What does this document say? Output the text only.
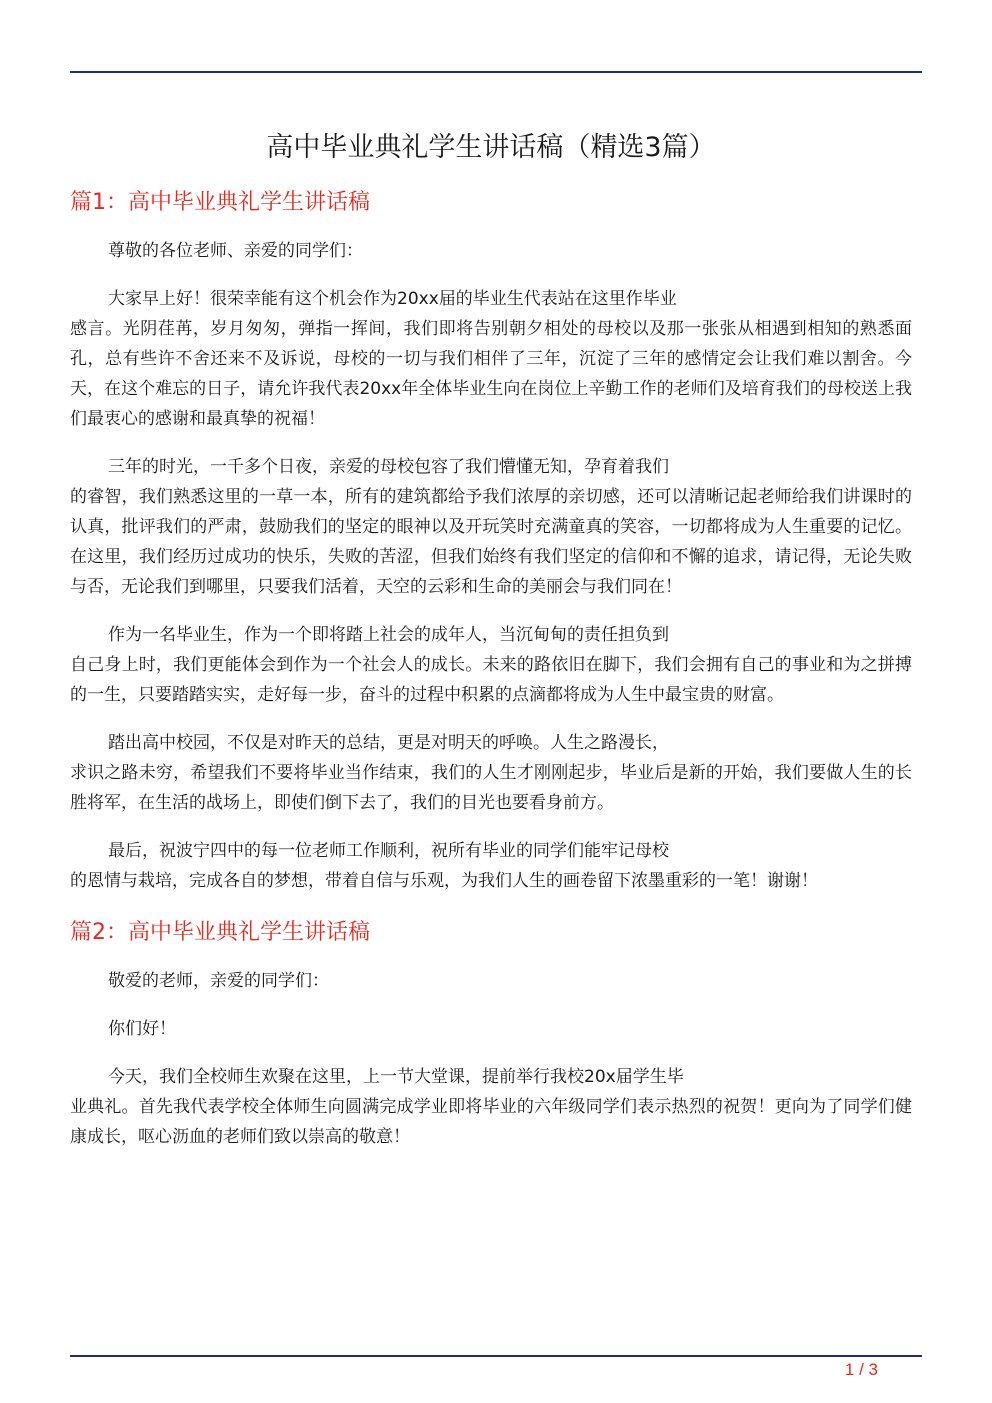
高中毕业典礼学生讲话稿（精选3篇）
篇1：高中毕业典礼学生讲话稿

尊敬的各位老师、亲爱的同学们：

大家早上好！很荣幸能有这个机会作为20xx届的毕业生代表站在这里作毕业
感言。光阴荏苒，岁月匆匆，弹指一挥间，我们即将告别朝夕相处的母校以及那一张张从相遇到相知的熟悉面孔，总有些许不舍还来不及诉说，母校的一切与我们相伴了三年，沉淀了三年的感情定会让我们难以割舍。今天，在这个难忘的日子，请允许我代表20xx年全体毕业生向在岗位上辛勤工作的老师们及培育我们的母校送上我们最衷心的感谢和最真挚的祝福！

三年的时光，一千多个日夜，亲爱的母校包容了我们懵懂无知，孕育着我们
的睿智，我们熟悉这里的一草一本，所有的建筑都给予我们浓厚的亲切感，还可以清晰记起老师给我们讲课时的认真，批评我们的严肃，鼓励我们的坚定的眼神以及开玩笑时充满童真的笑容，一切都将成为人生重要的记忆。在这里，我们经历过成功的快乐，失败的苦涩，但我们始终有我们坚定的信仰和不懈的追求，请记得，无论失败与否，无论我们到哪里，只要我们活着，天空的云彩和生命的美丽会与我们同在！

作为一名毕业生，作为一个即将踏上社会的成年人，当沉甸甸的责任担负到
自己身上时，我们更能体会到作为一个社会人的成长。未来的路依旧在脚下，我们会拥有自己的事业和为之拼搏的一生，只要踏踏实实，走好每一步，奋斗的过程中积累的点滴都将成为人生中最宝贵的财富。

踏出高中校园，不仅是对昨天的总结，更是对明天的呼唤。人生之路漫长，
求识之路未穷，希望我们不要将毕业当作结束，我们的人生才刚刚起步，毕业后是新的开始，我们要做人生的长胜将军，在生活的战场上，即使们倒下去了，我们的目光也要看身前方。

最后，祝波宁四中的每一位老师工作顺利，祝所有毕业的同学们能牢记母校
的恩情与栽培，完成各自的梦想，带着自信与乐观，为我们人生的画卷留下浓墨重彩的一笔！谢谢！

篇2：高中毕业典礼学生讲话稿

敬爱的老师，亲爱的同学们：

你们好！

今天，我们全校师生欢聚在这里，上一节大堂课，提前举行我校20x届学生毕
业典礼。首先我代表学校全体师生向圆满完成学业即将毕业的六年级同学们表示热烈的祝贺！更向为了同学们健康成长，呕心沥血的老师们致以崇高的敬意！

1 / 3
